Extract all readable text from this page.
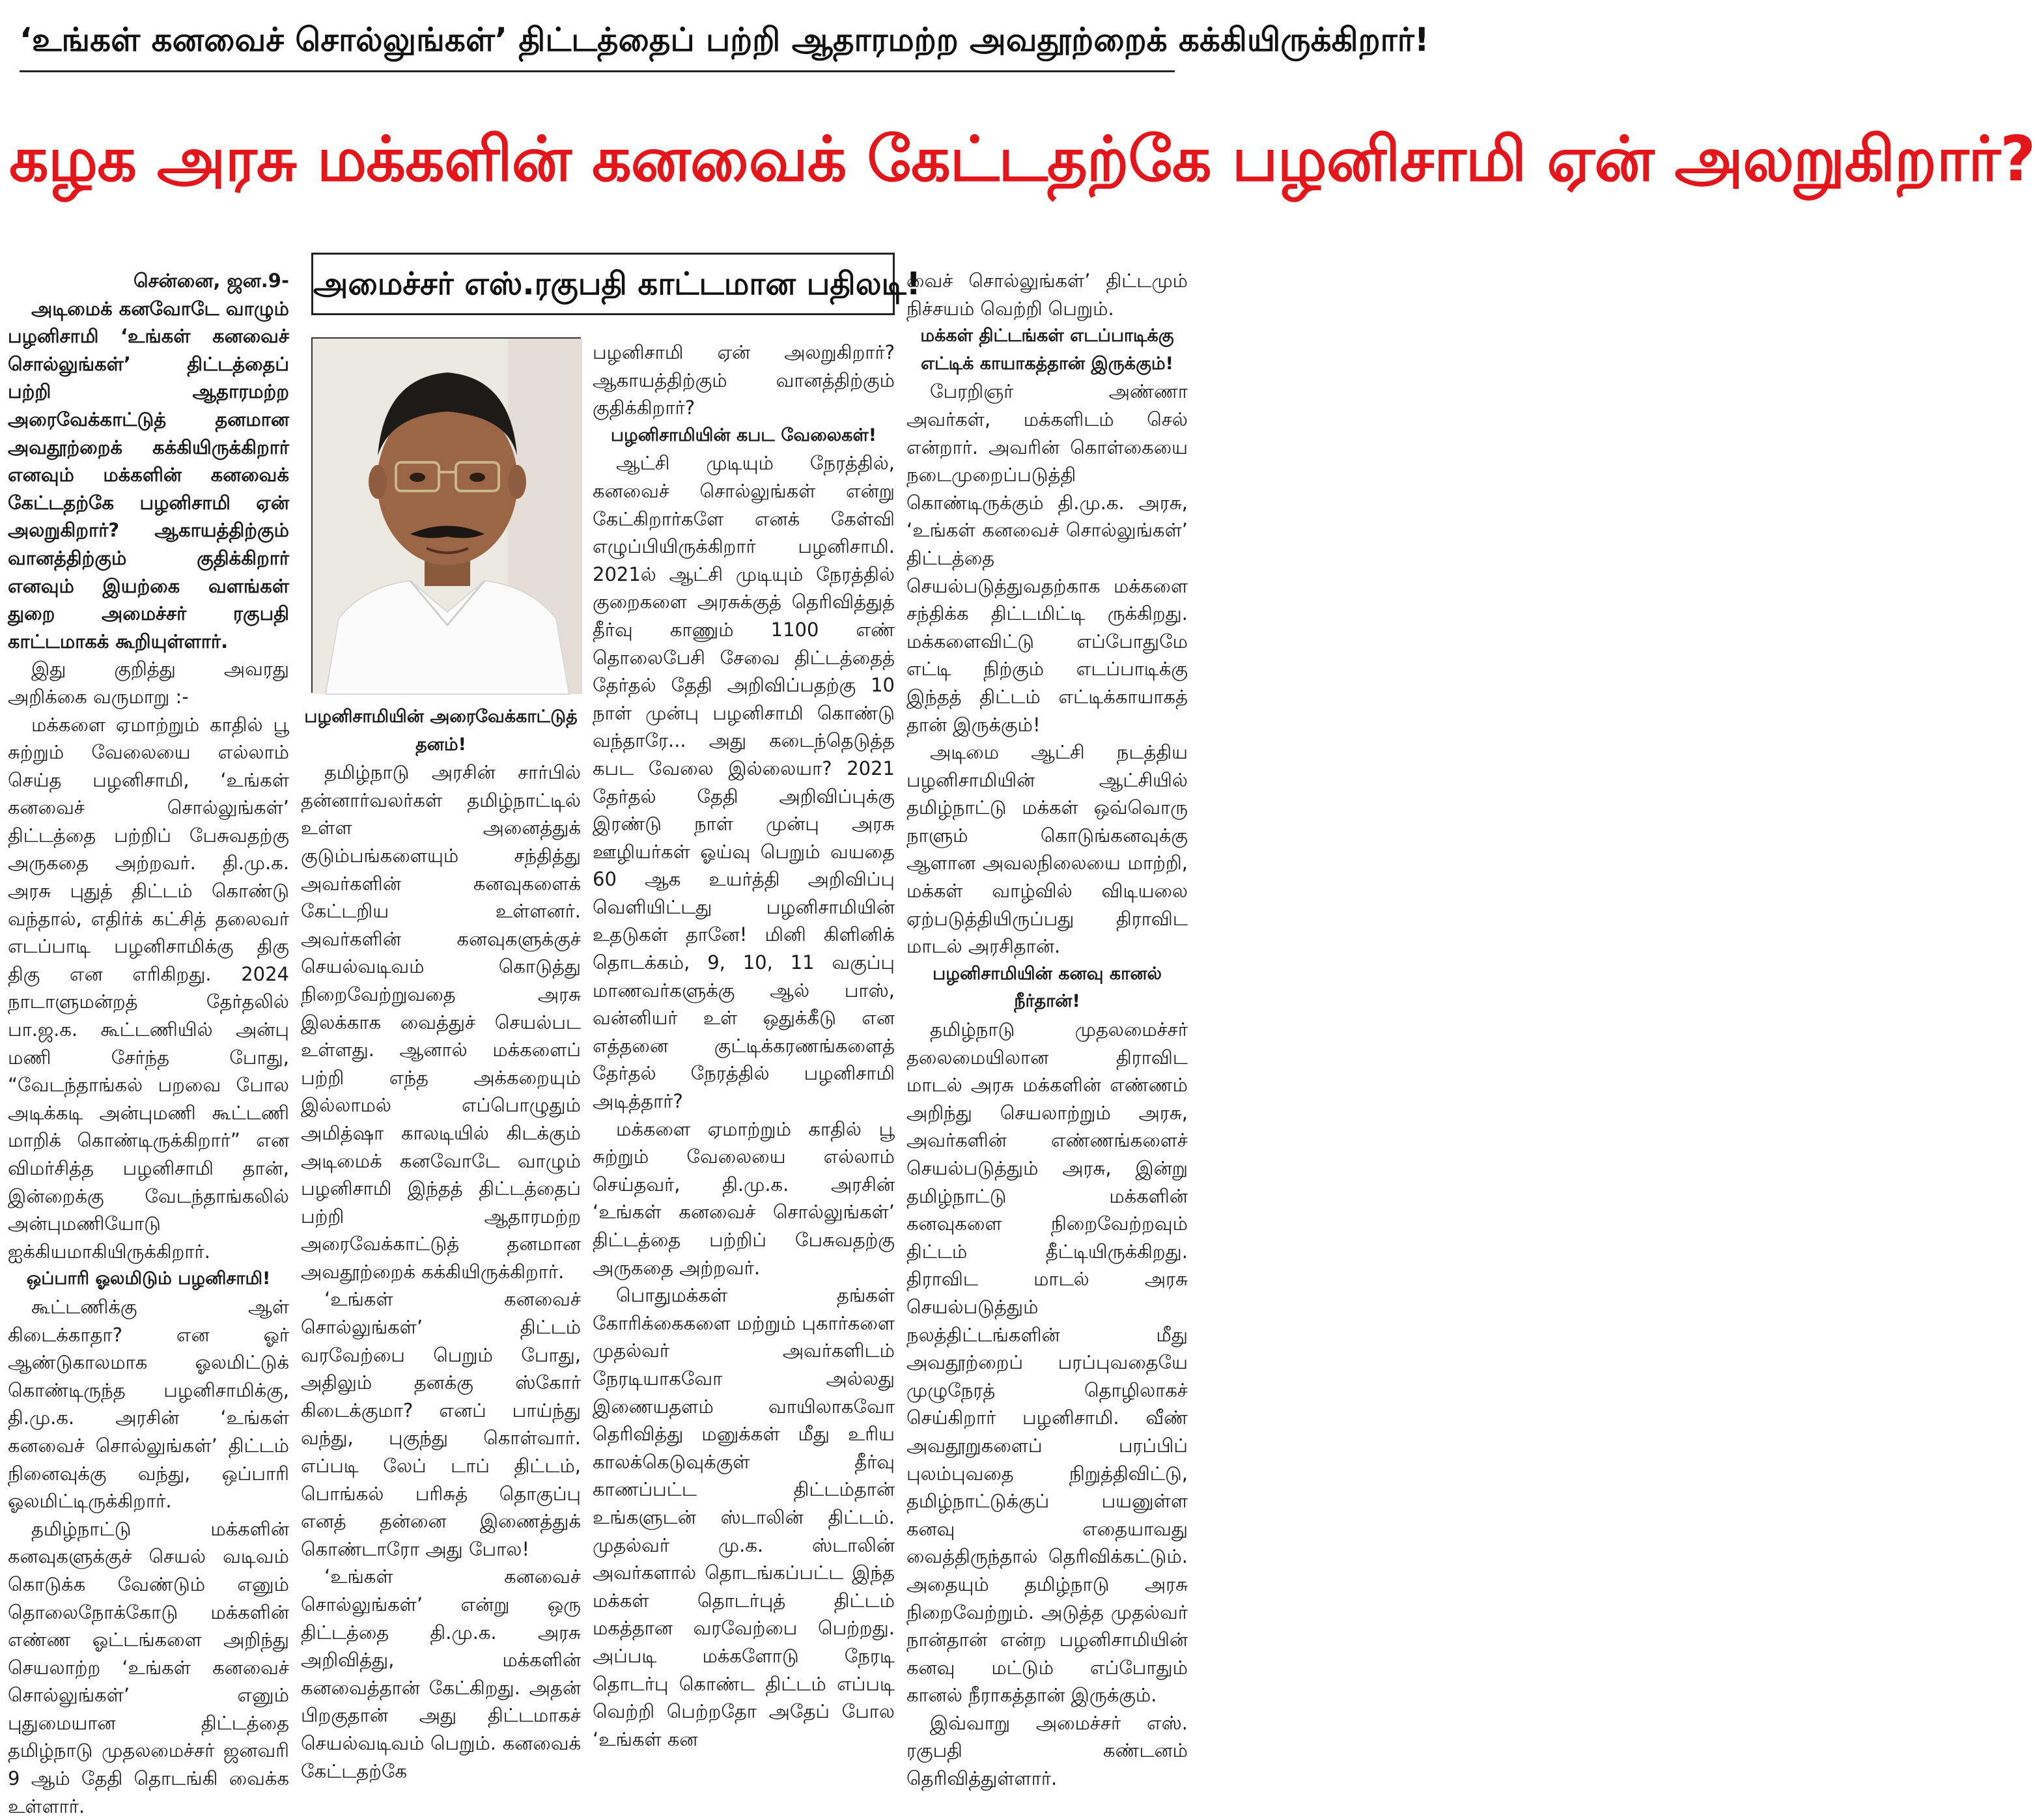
‘உங்கள் கனவைச் சொல்லுங்கள்’ திட்டத்தைப் பற்றி ஆதாரமற்ற அவதூற்றைக் கக்கியிருக்கிறார்!
கழக அரசு மக்களின் கனவைக் கேட்டதற்கே பழனிசாமி ஏன் அலறுகிறார்?

சென்னை, ஜன.9-

அடிமைக் கனவோடே வாழும் பழனிசாமி ‘உங்கள் கனவைச் சொல்லுங்கள்’ திட்டத்தைப் பற்றி ஆதாரமற்ற அரைவேக்காட்டுத் தனமான அவதூற்றைக் கக்கியிருக்கிறார் எனவும் மக்களின் கனவைக் கேட்டதற்கே பழனிசாமி ஏன் அலறுகிறார்? ஆகாயத்திற்கும் வானத்திற்கும் குதிக்கிறார் எனவும் இயற்கை வளங்கள் துறை அமைச்சர் ரகுபதி காட்டமாகக் கூறியுள்ளார்.

இது குறித்து அவரது அறிக்கை வருமாறு :-

மக்களை ஏமாற்றும் காதில் பூ சுற்றும் வேலையை எல்லாம் செய்த பழனிசாமி, ‘உங்கள் கனவைச் சொல்லுங்கள்’ திட்டத்தை பற்றிப் பேசுவதற்கு அருகதை அற்றவர். தி.மு.க. அரசு புதுத் திட்டம் கொண்டு வந்தால், எதிர்க் கட்சித் தலைவர் எடப்பாடி பழனிசாமிக்கு திகு திகு என எரிகிறது. 2024 நாடாளுமன்றத் தேர்தலில் பா.ஜ.க. கூட்டணியில் அன்பு மணி சேர்ந்த போது, “வேடந்தாங்கல் பறவை போல அடிக்கடி அன்புமணி கூட்டணி மாறிக் கொண்டிருக்கிறார்” என விமர்சித்த பழனிசாமி தான், இன்றைக்கு வேடந்தாங்கலில் அன்புமணியோடு ஐக்கியமாகியிருக்கிறார்.

ஒப்பாரி ஓலமிடும் பழனிசாமி!

கூட்டணிக்கு ஆள் கிடைக்காதா? என ஓர் ஆண்டுகாலமாக ஓலமிட்டுக் கொண்டிருந்த பழனிசாமிக்கு, தி.மு.க. அரசின் ‘உங்கள் கனவைச் சொல்லுங்கள்’ திட்டம் நினைவுக்கு வந்து, ஒப்பாரி ஓலமிட்டிருக்கிறார்.

தமிழ்நாட்டு மக்களின் கனவுகளுக்குச் செயல் வடிவம் கொடுக்க வேண்டும் எனும் தொலைநோக்கோடு மக்களின் எண்ண ஓட்டங்களை அறிந்து செயலாற்ற ‘உங்கள் கனவைச் சொல்லுங்கள்’ எனும் புதுமையான திட்டத்தை தமிழ்நாடு முதலமைச்சர் ஜனவரி 9 ஆம் தேதி தொடங்கி வைக்க உள்ளார்.

அமைச்சர் எஸ்.ரகுபதி காட்டமான பதிலடி!

பழனிசாமியின் அரைவேக்காட்டுத் தனம்!

தமிழ்நாடு அரசின் சார்பில் தன்னார்வலர்கள் தமிழ்நாட்டில் உள்ள அனைத்துக் குடும்பங்களையும் சந்தித்து அவர்களின் கனவுகளைக் கேட்டறிய உள்ளனர். அவர்களின் கனவுகளுக்குச் செயல்வடிவம் கொடுத்து நிறைவேற்றுவதை அரசு இலக்காக வைத்துச் செயல்பட உள்ளது. ஆனால் மக்களைப் பற்றி எந்த அக்கறையும் இல்லாமல் எப்பொழுதும் அமித்ஷா காலடியில் கிடக்கும் அடிமைக் கனவோடே வாழும் பழனிசாமி இந்தத் திட்டத்தைப் பற்றி ஆதாரமற்ற அரைவேக்காட்டுத் தனமான அவதூற்றைக் கக்கியிருக்கிறார்.

‘உங்கள் கனவைச் சொல்லுங்கள்’ திட்டம் வரவேற்பை பெறும் போது, அதிலும் தனக்கு ஸ்கோர் கிடைக்குமா? எனப் பாய்ந்து வந்து, புகுந்து கொள்வார். எப்படி லேப் டாப் திட்டம், பொங்கல் பரிசுத் தொகுப்பு எனத் தன்னை இணைத்துக் கொண்டாரோ அது போல!

‘உங்கள் கனவைச் சொல்லுங்கள்’ என்று ஒரு திட்டத்தை தி.மு.க. அரசு அறிவித்து, மக்களின் கனவைத்தான் கேட்கிறது. அதன் பிறகுதான் அது திட்டமாகச் செயல்வடிவம் பெறும். கனவைக் கேட்டதற்கே

பழனிசாமி ஏன் அலறுகிறார்? ஆகாயத்திற்கும் வானத்திற்கும் குதிக்கிறார்?

பழனிசாமியின் கபட வேலைகள்!

ஆட்சி முடியும் நேரத்தில், கனவைச் சொல்லுங்கள் என்று கேட்கிறார்களே எனக் கேள்வி எழுப்பியிருக்கிறார் பழனிசாமி. 2021ல் ஆட்சி முடியும் நேரத்தில் குறைகளை அரசுக்குத் தெரிவித்துத் தீர்வு காணும் 1100 எண் தொலைபேசி சேவை திட்டத்தைத் தேர்தல் தேதி அறிவிப்பதற்கு 10 நாள் முன்பு பழனிசாமி கொண்டு வந்தாரே... அது கடைந்தெடுத்த கபட வேலை இல்லையா? 2021 தேர்தல் தேதி அறிவிப்புக்கு இரண்டு நாள் முன்பு அரசு ஊழியர்கள் ஓய்வு பெறும் வயதை 60 ஆக உயர்த்தி அறிவிப்பு வெளியிட்டது பழனிசாமியின் உதடுகள் தானே! மினி கிளினிக் தொடக்கம், 9, 10, 11 வகுப்பு மாணவர்களுக்கு ஆல் பாஸ், வன்னியர் உள் ஒதுக்கீடு என எத்தனை குட்டிக்கரணங்களைத் தேர்தல் நேரத்தில் பழனிசாமி அடித்தார்?

மக்களை ஏமாற்றும் காதில் பூ சுற்றும் வேலையை எல்லாம் செய்தவர், தி.மு.க. அரசின் ‘உங்கள் கனவைச் சொல்லுங்கள்’ திட்டத்தை பற்றிப் பேசுவதற்கு அருகதை அற்றவர்.

பொதுமக்கள் தங்கள் கோரிக்கைகளை மற்றும் புகார்களை முதல்வர் அவர்களிடம் நேரடியாகவோ அல்லது இணையதளம் வாயிலாகவோ தெரிவித்து மனுக்கள் மீது உரிய காலக்கெடுவுக்குள் தீர்வு காணப்பட்ட திட்டம்தான் உங்களுடன் ஸ்டாலின் திட்டம். முதல்வர் மு.க. ஸ்டாலின் அவர்களால் தொடங்கப்பட்ட இந்த மக்கள் தொடர்புத் திட்டம் மகத்தான வரவேற்பை பெற்றது. அப்படி மக்களோடு நேரடி தொடர்பு கொண்ட திட்டம் எப்படி வெற்றி பெற்றதோ அதேப் போல ‘உங்கள் கன

வைச் சொல்லுங்கள்’ திட்டமும் நிச்சயம் வெற்றி பெறும்.

மக்கள் திட்டங்கள் எடப்பாடிக்கு எட்டிக் காயாகத்தான் இருக்கும்!

பேரறிஞர் அண்ணா அவர்கள், மக்களிடம் செல் என்றார். அவரின் கொள்கையை நடைமுறைப்படுத்தி கொண்டிருக்கும் தி.மு.க. அரசு, ‘உங்கள் கனவைச் சொல்லுங்கள்’ திட்டத்தை செயல்படுத்துவதற்காக மக்களை சந்திக்க திட்டமிட்டி ருக்கிறது. மக்களைவிட்டு எப்போதுமே எட்டி நிற்கும் எடப்பாடிக்கு இந்தத் திட்டம் எட்டிக்காயாகத் தான் இருக்கும்!

அடிமை ஆட்சி நடத்திய பழனிசாமியின் ஆட்சியில் தமிழ்நாட்டு மக்கள் ஒவ்வொரு நாளும் கொடுங்கனவுக்கு ஆளான அவலநிலையை மாற்றி, மக்கள் வாழ்வில் விடியலை ஏற்படுத்தியிருப்பது திராவிட மாடல் அரசிதான்.

பழனிசாமியின் கனவு கானல் நீர்தான்!

தமிழ்நாடு முதலமைச்சர் தலைமையிலான திராவிட மாடல் அரசு மக்களின் எண்ணம் அறிந்து செயலாற்றும் அரசு, அவர்களின் எண்ணங்களைச் செயல்படுத்தும் அரசு, இன்று தமிழ்நாட்டு மக்களின் கனவுகளை நிறைவேற்றவும் திட்டம் தீட்டியிருக்கிறது. திராவிட மாடல் அரசு செயல்படுத்தும் நலத்திட்டங்களின் மீது அவதூற்றைப் பரப்புவதையே முழுநேரத் தொழிலாகச் செய்கிறார் பழனிசாமி. வீண் அவதூறுகளைப் பரப்பிப் புலம்புவதை நிறுத்திவிட்டு, தமிழ்நாட்டுக்குப் பயனுள்ள கனவு எதையாவது வைத்திருந்தால் தெரிவிக்கட்டும். அதையும் தமிழ்நாடு அரசு நிறைவேற்றும். அடுத்த முதல்வர் நான்தான் என்ற பழனிசாமியின் கனவு மட்டும் எப்போதும் கானல் நீராகத்தான் இருக்கும்.

இவ்வாறு அமைச்சர் எஸ். ரகுபதி கண்டனம் தெரிவித்துள்ளார்.
